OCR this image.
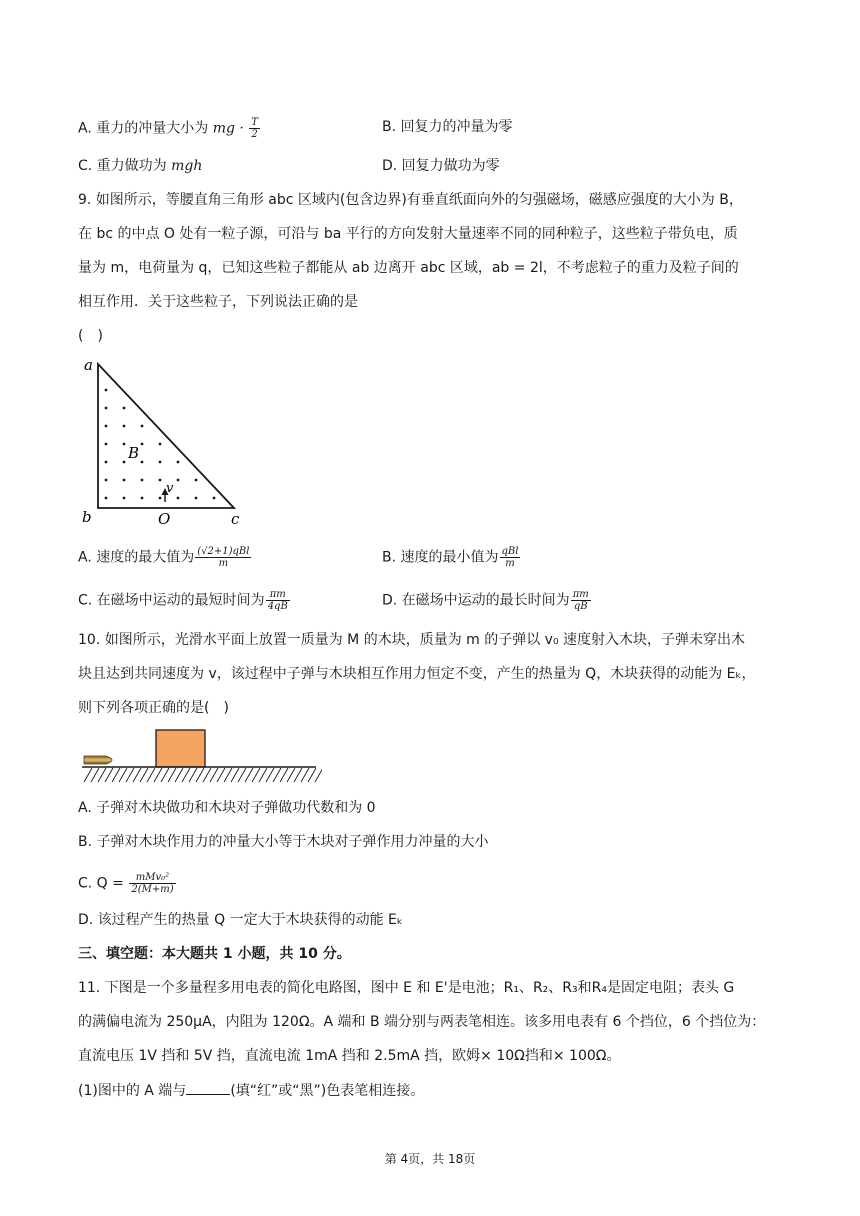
A. 重力的冲量大小为 mg · $\frac{T}{2}$	B. 回复力的冲量为零
C. 重力做功为 mgh	D. 回复力做功为零
9. 如图所示，等腰直角三角形 abc 区域内(包含边界)有垂直纸面向外的匀强磁场，磁感应强度的大小为 B，
在 bc 的中点 O 处有一粒子源，可沿与 ba 平行的方向发射大量速率不同的同种粒子，这些粒子带负电，质
量为 m，电荷量为 q，已知这些粒子都能从 ab 边离开 abc 区域，ab = 2l，不考虑粒子的重力及粒子间的
相互作用．关于这些粒子，下列说法正确的是
(　)
a
b	c
B
v
O
A. 速度的最大值为 $\frac{\text{(√2+1)qBl}}{m}$	B. 速度的最小值为 $\frac{\text{qBl}}{m}$
C. 在磁场中运动的最短时间为 $\frac{\pi m}{4qB}$	D. 在磁场中运动的最长时间为 $\frac{\pi m}{qB}$
10. 如图所示，光滑水平面上放置一质量为 M 的木块，质量为 m 的子弹以 v₀ 速度射入木块，子弹未穿出木
块且达到共同速度为 v，该过程中子弹与木块相互作用力恒定不变，产生的热量为 Q，木块获得的动能为 Eₖ，
则下列各项正确的是(　)
A. 子弹对木块做功和木块对子弹做功代数和为 0
B. 子弹对木块作用力的冲量大小等于木块对子弹作用力冲量的大小
C. $Q = \frac{\text{mMv₀²}}{2(M+m)}$
D. 该过程产生的热量 Q 一定大于木块获得的动能 Eₖ
三、填空题：本大题共 1 小题，共 10 分。
11. 下图是一个多量程多用电表的简化电路图，图中 E 和 E'是电池；R₁、R₂、R₃和R₄是固定电阻；表头 G
的满偏电流为 250μA，内阻为 120Ω。A 端和 B 端分别与两表笔相连。该多用电表有 6 个挡位，6 个挡位为：
直流电压 1V 挡和 5V 挡，直流电流 1mA 挡和 2.5mA 挡，欧姆× 10Ω挡和× 100Ω。
(1)图中的 A 端与	(填“红”或“黑”)色表笔相连接。
第 4页，共 18页
